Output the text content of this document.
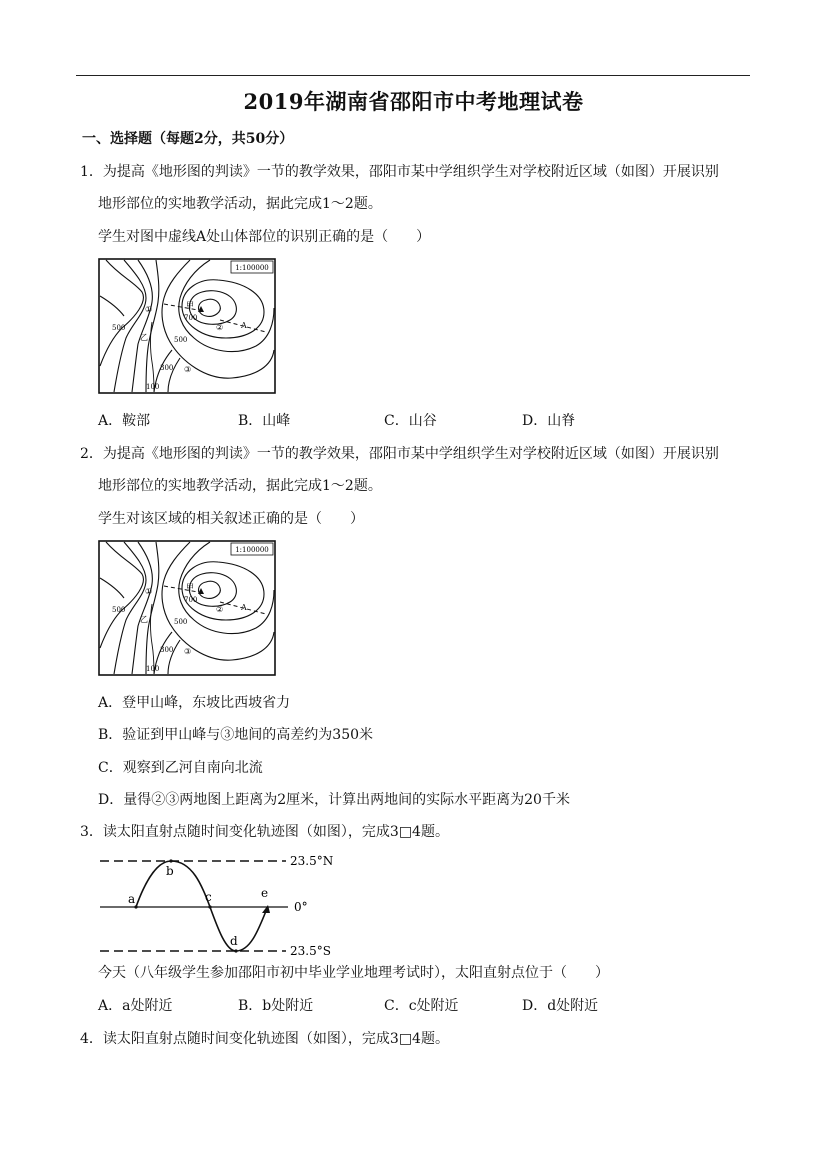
2019年湖南省邵阳市中考地理试卷
一、选择题（每题2分，共50分）
1．为提高《地形图的判读》一节的教学效果，邵阳市某中学组织学生对学校附近区域（如图）开展识别
地形部位的实地教学活动，据此完成1～2题。
学生对图中虚线A处山体部位的识别正确的是（　　）
1:100000
甲
乙
A
①
②
③
100
300
500
500
700
A．鞍部	B．山峰	C．山谷	D．山脊
2．为提高《地形图的判读》一节的教学效果，邵阳市某中学组织学生对学校附近区域（如图）开展识别
地形部位的实地教学活动，据此完成1～2题。
学生对该区域的相关叙述正确的是（　　）
1:100000
甲
乙
A
①
②
③
100
300
500
500
700
A．登甲山峰，东坡比西坡省力
B．验证到甲山峰与③地间的高差约为350米
C．观察到乙河自南向北流
D．量得②③两地图上距离为2厘米，计算出两地间的实际水平距离为20千米
3．读太阳直射点随时间变化轨迹图（如图），完成3□4题。
a
b
c
d
e
23.5°N
0°
23.5°S
今天（八年级学生参加邵阳市初中毕业学业地理考试时），太阳直射点位于（　　）
A．a处附近	B．b处附近	C．c处附近	D．d处附近
4．读太阳直射点随时间变化轨迹图（如图），完成3□4题。
